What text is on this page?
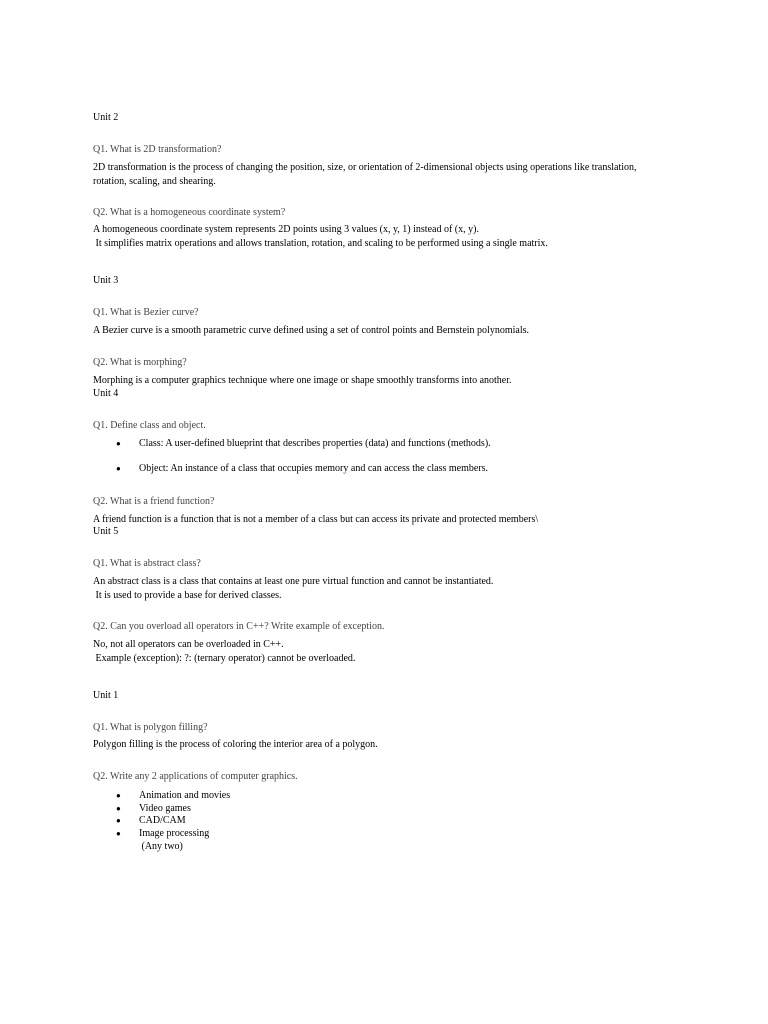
Unit 2

Q1. What is 2D transformation?

2D transformation is the process of changing the position, size, or orientation of 2-dimensional objects using operations like translation,

rotation, scaling, and shearing.

Q2. What is a homogeneous coordinate system?

A homogeneous coordinate system represents 2D points using 3 values (x, y, 1) instead of (x, y).

It simplifies matrix operations and allows translation, rotation, and scaling to be performed using a single matrix.

Unit 3

Q1. What is Bezier curve?

A Bezier curve is a smooth parametric curve defined using a set of control points and Bernstein polynomials.

Q2. What is morphing?

Morphing is a computer graphics technique where one image or shape smoothly transforms into another.

Unit 4

Q1. Define class and object.

● Class: A user-defined blueprint that describes properties (data) and functions (methods).

● Object: An instance of a class that occupies memory and can access the class members.

Q2. What is a friend function?

A friend function is a function that is not a member of a class but can access its private and protected members\

Unit 5

Q1. What is abstract class?

An abstract class is a class that contains at least one pure virtual function and cannot be instantiated.

It is used to provide a base for derived classes.

Q2. Can you overload all operators in C++? Write example of exception.

No, not all operators can be overloaded in C++.

Example (exception): ?: (ternary operator) cannot be overloaded.

Unit 1

Q1. What is polygon filling?

Polygon filling is the process of coloring the interior area of a polygon.

Q2. Write any 2 applications of computer graphics.

● Animation and movies

● Video games

● CAD/CAM

● Image processing

(Any two)
